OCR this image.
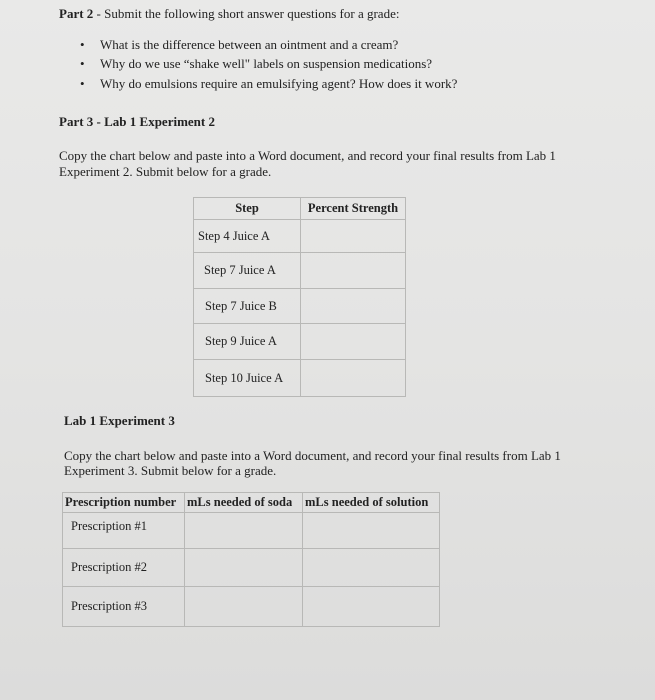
Part 2 - Submit the following short answer questions for a grade:
• What is the difference between an ointment and a cream?
• Why do we use “shake well" labels on suspension medications?
• Why do emulsions require an emulsifying agent? How does it work?
Part 3 - Lab 1 Experiment 2
Copy the chart below and paste into a Word document, and record your final results from Lab 1
Experiment 2. Submit below for a grade.
Step	Percent Strength
Step 4 Juice A	
Step 7 Juice A	
Step 7 Juice B	
Step 9 Juice A	
Step 10 Juice A	
Lab 1 Experiment 3
Copy the chart below and paste into a Word document, and record your final results from Lab 1
Experiment 3. Submit below for a grade.
Prescription number	mLs needed of soda	mLs needed of solution
Prescription #1		
Prescription #2		
Prescription #3		
